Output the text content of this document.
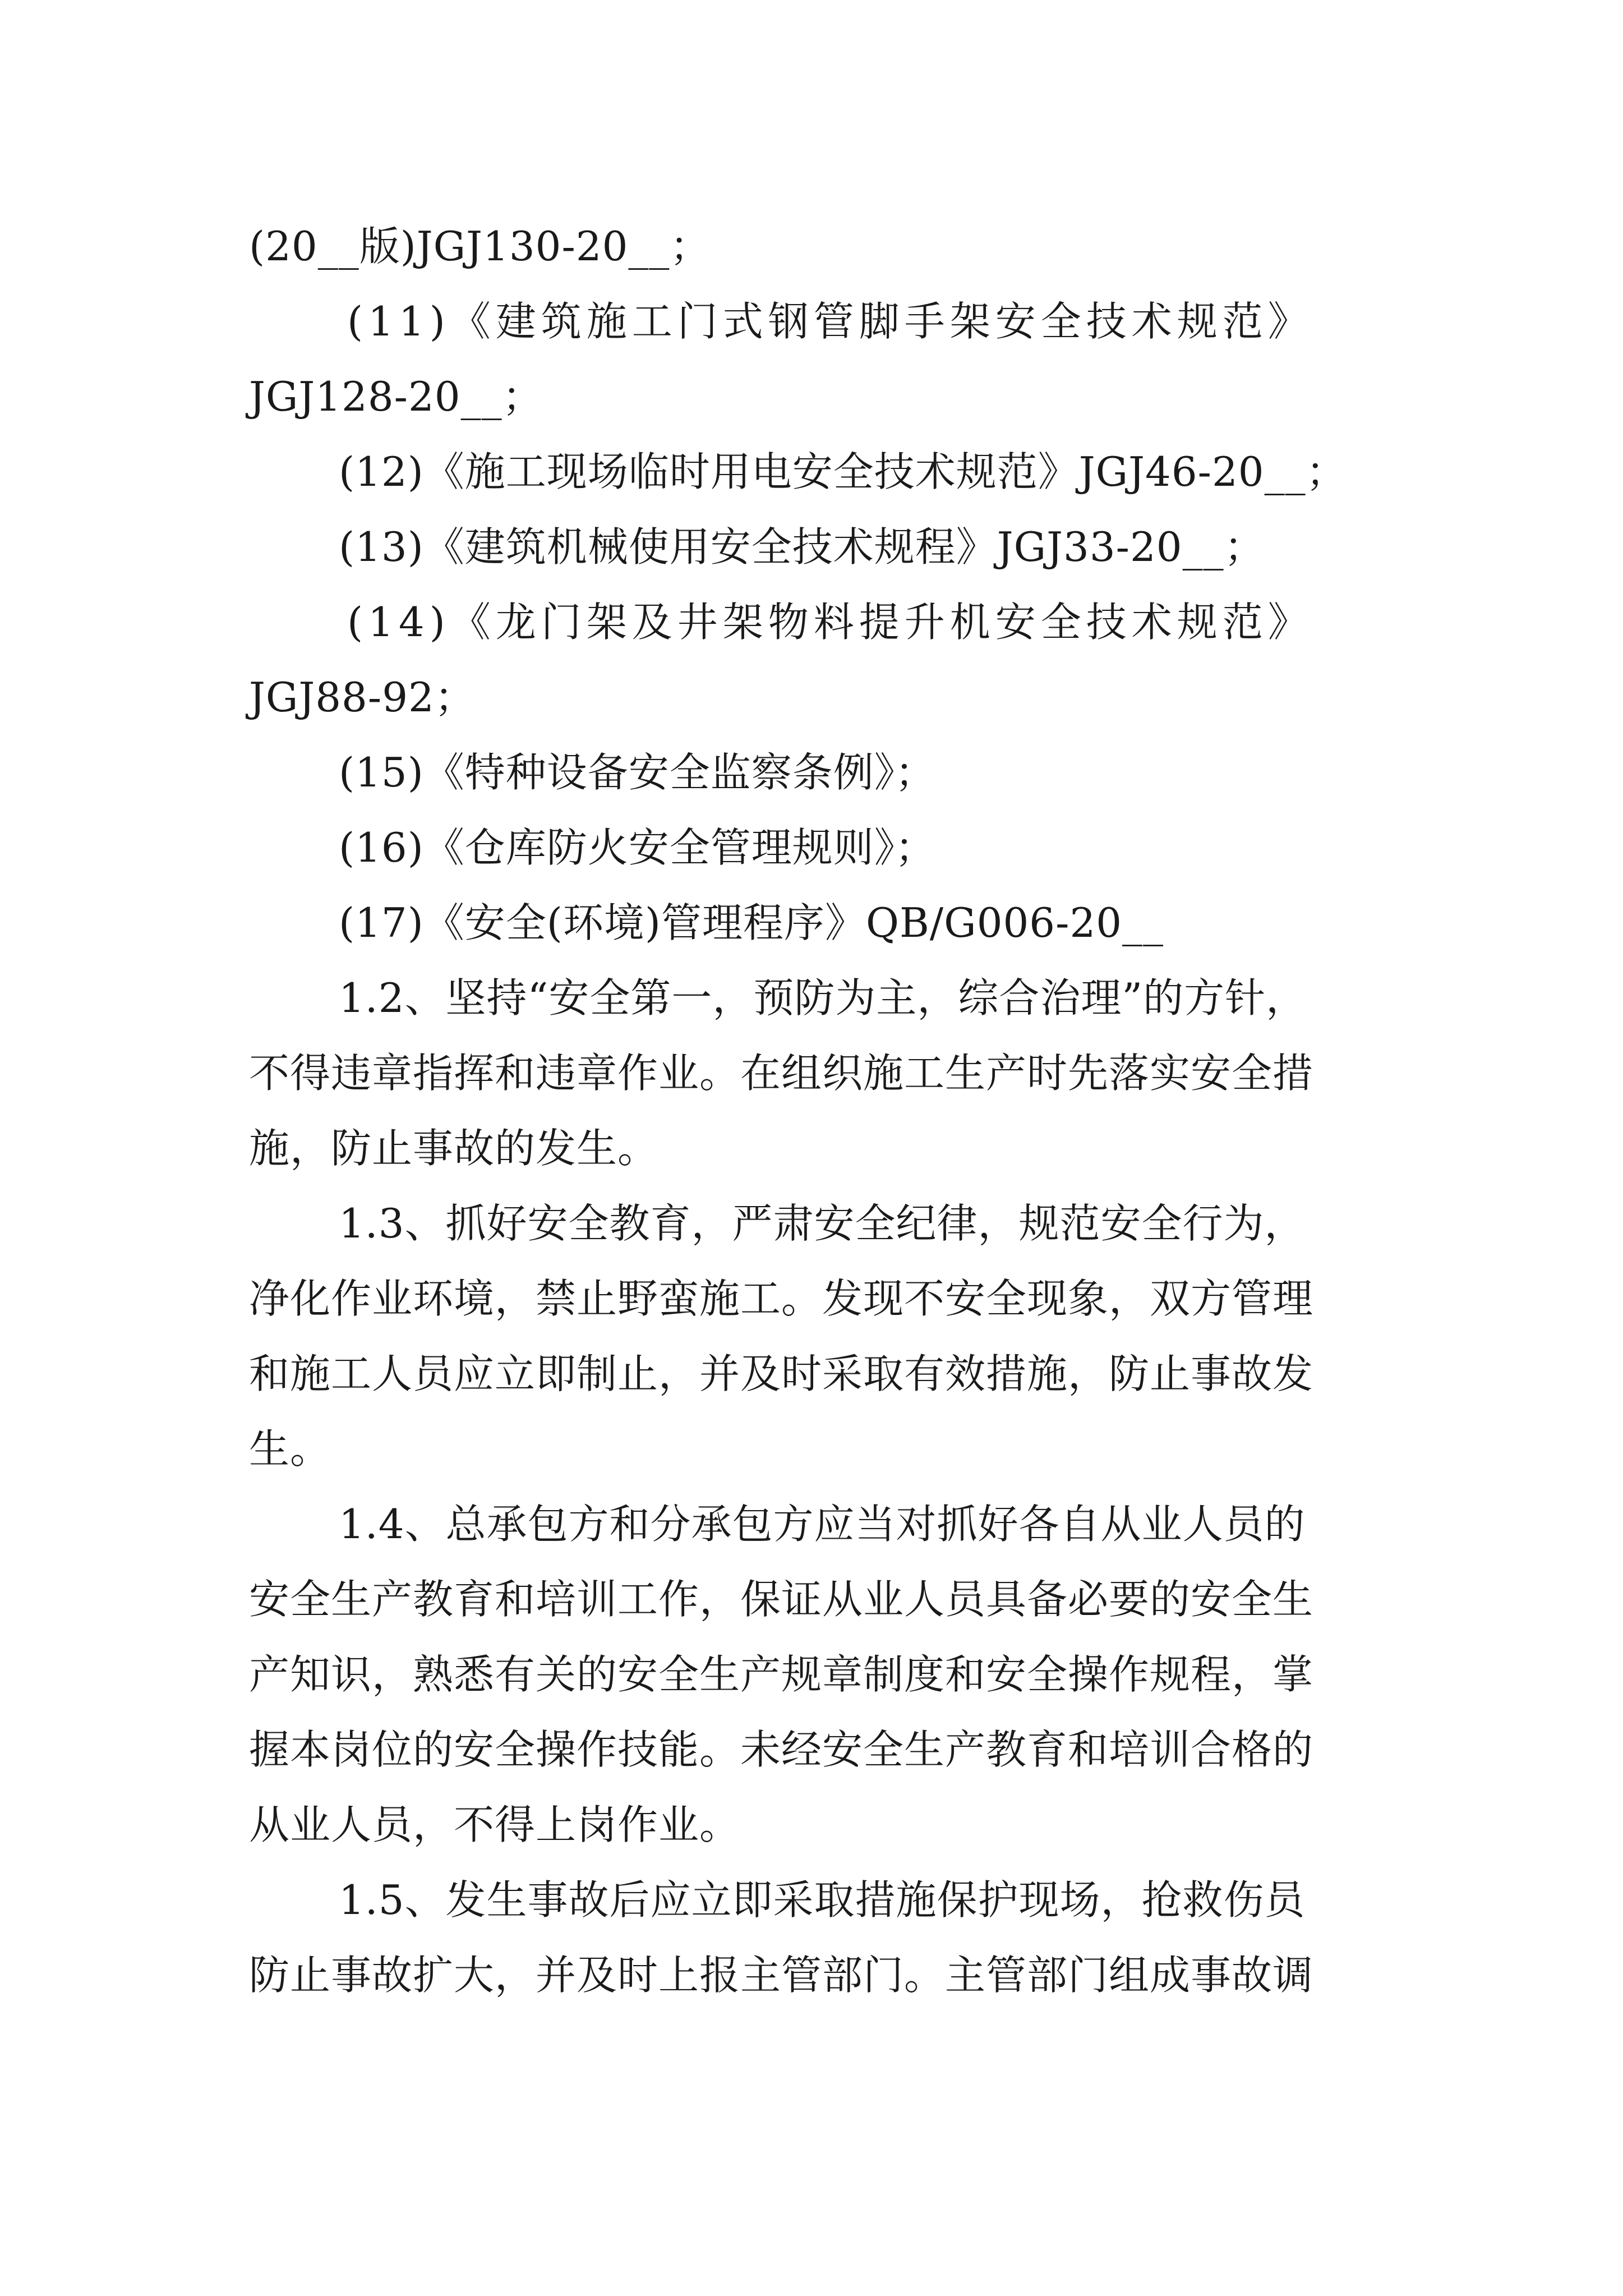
(20__版)JGJ130-20__；
(11)《建筑施工门式钢管脚手架安全技术规范》
JGJ128-20__；
(12)《施工现场临时用电安全技术规范》JGJ46-20__；
(13)《建筑机械使用安全技术规程》JGJ33-20__；
(14)《龙门架及井架物料提升机安全技术规范》
JGJ88-92；
(15)《特种设备安全监察条例》；
(16)《仓库防火安全管理规则》；
(17)《安全(环境)管理程序》QB/G006-20__
1.2、坚持“安全第一，预防为主，综合治理”的方针，
不得违章指挥和违章作业。在组织施工生产时先落实安全措
施，防止事故的发生。
1.3、抓好安全教育，严肃安全纪律，规范安全行为，
净化作业环境，禁止野蛮施工。发现不安全现象，双方管理
和施工人员应立即制止，并及时采取有效措施，防止事故发
生。
1.4、总承包方和分承包方应当对抓好各自从业人员的
安全生产教育和培训工作，保证从业人员具备必要的安全生
产知识，熟悉有关的安全生产规章制度和安全操作规程，掌
握本岗位的安全操作技能。未经安全生产教育和培训合格的
从业人员，不得上岗作业。
1.5、发生事故后应立即采取措施保护现场，抢救伤员
防止事故扩大，并及时上报主管部门。主管部门组成事故调
